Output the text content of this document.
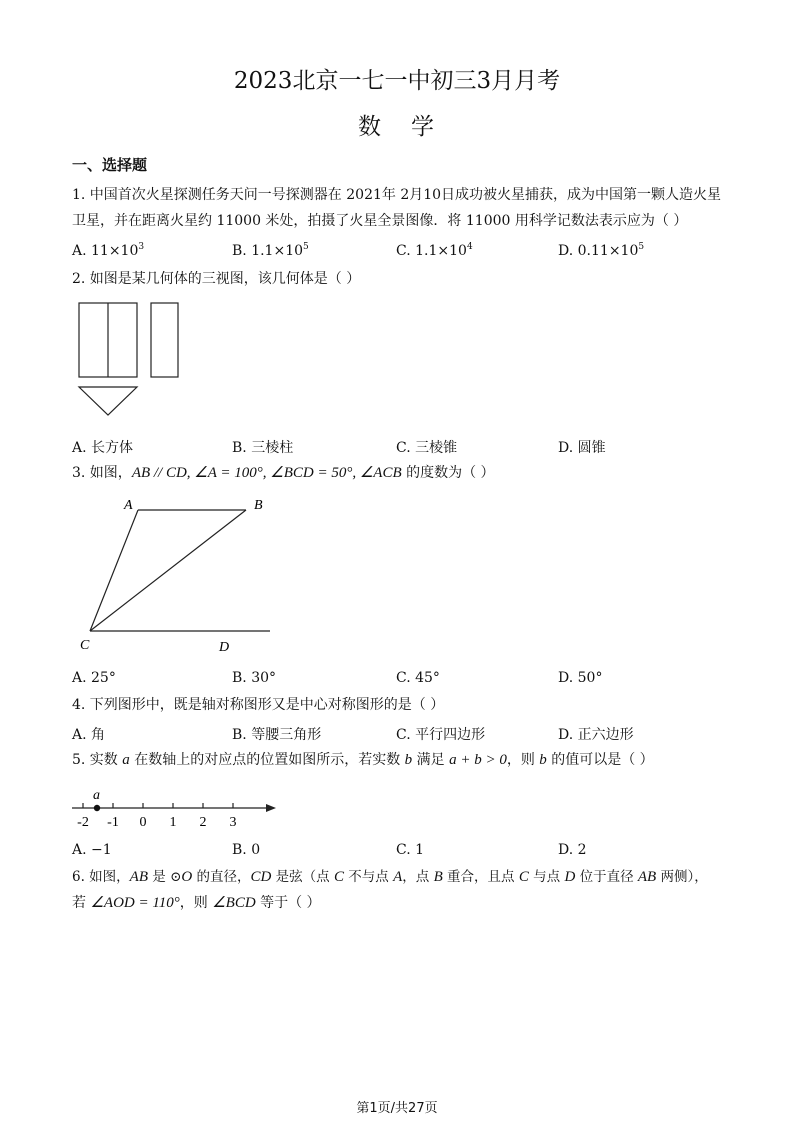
2023北京一七一中初三3月月考
数 学
一、选择题
1. 中国首次火星探测任务天问一号探测器在 2021年 2月10日成功被火星捕获，成为中国第一颗人造火星
卫星，并在距离火星约 11000 米处，拍摄了火星全景图像．将 11000 用科学记数法表示应为（ ）
A. $11\times 10^3$	B. $1.1\times 10^5$	C. $1.1\times 10^4$	D. $0.11\times 10^5$
2. 如图是某几何体的三视图，该几何体是（ ）
A. 长方体	B. 三棱柱	C. 三棱锥	D. 圆锥
3. 如图，AB // CD, ∠A = 100°, ∠BCD = 50°, ∠ACB 的度数为（ ）
A	B
C	D
A. 25°	B. 30°	C. 45°	D. 50°
4. 下列图形中，既是轴对称图形又是中心对称图形的是（ ）
A. 角	B. 等腰三角形	C. 平行四边形	D. 正六边形
5. 实数 a 在数轴上的对应点的位置如图所示，若实数 b 满足 a + b > 0，则 b 的值可以是（ ）
-2 -1 0 1 2 3
a
A. −1	B. 0	C. 1	D. 2
6. 如图，AB 是 ⊙O 的直径，CD 是弦（点 C 不与点 A，点 B 重合，且点 C 与点 D 位于直径 AB 两侧），
若 ∠AOD = 110°，则 ∠BCD 等于（ ）
第1页/共27页
